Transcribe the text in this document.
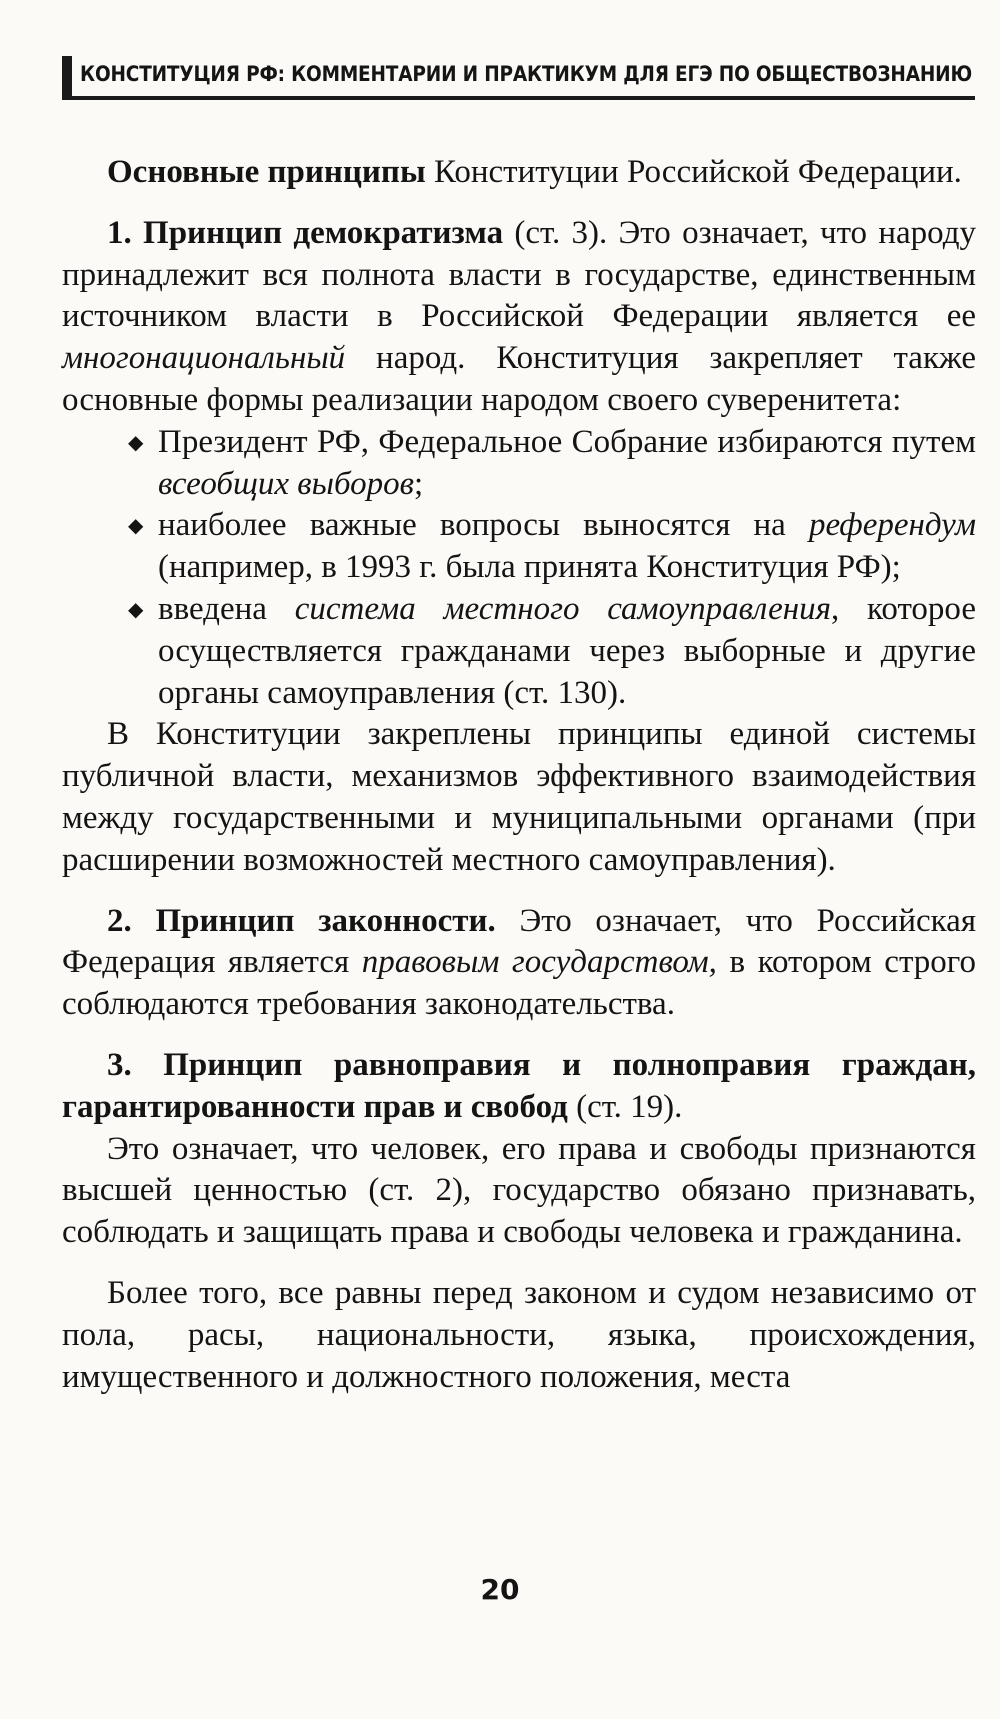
КОНСТИТУЦИЯ РФ: КОММЕНТАРИИ И ПРАКТИКУМ ДЛЯ ЕГЭ ПО ОБЩЕСТВОЗНАНИЮ

Основные принципы Конституции Российской Федерации.

1. Принцип демократизма (ст. 3). Это означает, что народу принадлежит вся полнота власти в государстве, единственным источником власти в Российской Федерации является ее многонациональный народ. Конституция закрепляет также основные формы реализации народом своего суверенитета:

◆ Президент РФ, Федеральное Собрание избираются путем всеобщих выборов;
◆ наиболее важные вопросы выносятся на референдум (например, в 1993 г. была принята Конституция РФ);
◆ введена система местного самоуправления, которое осуществляется гражданами через выборные и другие органы самоуправления (ст. 130).

В Конституции закреплены принципы единой системы публичной власти, механизмов эффективного взаимодействия между государственными и муниципальными органами (при расширении возможностей местного самоуправления).

2. Принцип законности. Это означает, что Российская Федерация является правовым государством, в котором строго соблюдаются требования законодательства.

3. Принцип равноправия и полноправия граждан, гарантированности прав и свобод (ст. 19).

Это означает, что человек, его права и свободы признаются высшей ценностью (ст. 2), государство обязано признавать, соблюдать и защищать права и свободы человека и гражданина.

Более того, все равны перед законом и судом независимо от пола, расы, национальности, языка, происхождения, имущественного и должностного положения, места

20
